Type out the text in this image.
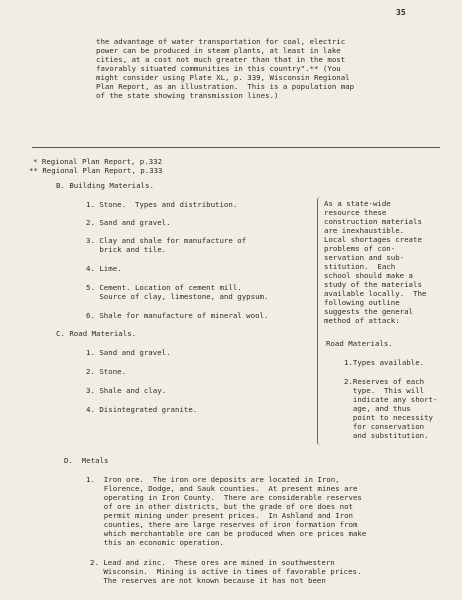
35
the advantage of water transportation for coal, electric
power can be produced in steam plants, at least in lake
cities, at a cost not much greater than that in the most
favorably situated communities in this country".** (You
might consider using Plate XL, p. 339, Wisconsin Regional
Plan Report, as an illustration.  This is a population map
of the state showing transmission lines.)
* Regional Plan Report, p.332
** Regional Plan Report, p.333
B. Building Materials.
1. Stone.  Types and distribution.
2. Sand and gravel.
3. Clay and shale for manufacture of
brick and tile.
4. Lime.
5. Cement. Location of cement mill.
Source of clay, limestone, and gypsum.
6. Shale for manufacture of mineral wool.
C. Road Materials.
1. Sand and gravel.
2. Stone.
3. Shale and clay.
4. Disintegrated granite.
As a state-wide
resource these
construction materials
are inexhaustible.
Local shortages create
problems of con-
servation and sub-
stitution.  Each
school should make a
study of the materials
available locally.  The
following outline
suggests the general
method of attack:
Road Materials.
1.Types available.
2.Reserves of each
type.  This will
indicate any short-
age, and thus
point to necessity
for conservation
and substitution.
D.  Metals
1.  Iron ore.  The iron ore deposits are located in Iron,
Florence, Dodge, and Sauk counties.  At present mines are
operating in Iron County.  There are considerable reserves
of ore in other districts, but the grade of ore does not
permit mining under present prices.  In Ashland and Iron
counties, there are large reserves of iron formation from
which merchantable ore can be produced when ore prices make
this an economic operation.
2. Lead and zinc.  These ores are mined in southwestern
Wisconsin.  Mining is active in times of favorable prices.
The reserves are not known because it has not been
